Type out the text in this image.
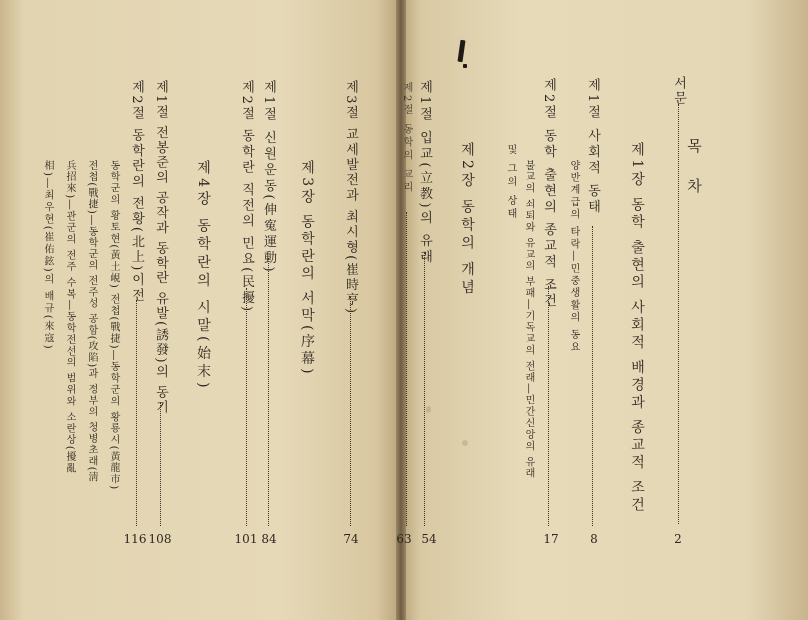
목
차
서문
2
제1장 동학 출현의 사회적 배경과 종교적 조건
제1절 사회적 동태
8
양반계급의 타락―민중생활의 동요
제2절 동학 출현의 종교적 조건
17
불교의 쇠퇴와 유교의 부패―기독교의 전래―민간신앙의 유래
및 그의 상태
제2장 동학의 개념
제1절 입교(立教)의 유래
54
제2절 동학의 교리
63
제3절 교세발전과 최시형(崔時亨)
74
제3장 동학란의 서막(序幕)
제1절 신원운동(伸寃運動)
84
제2절 동학란 직전의 민요(民擾)
101
제4장 동학란의 시말(始末)
제1절 전봉준의 공작과 동학란 유발(誘發)의 동기
108
제2절 동학란의 전황(北上)이전
116
동학군의 황토현(黃土峴) 전첩(戰捷)―동학군의 황룡시(黃龍市)
전첩(戰捷)―동학군의 전주성 공함(攻陷)과 정부의 청병초래(淸
兵招來)―관군의 전주 수복―동학전선의 범위와 소란상(擾亂
相)―최우현(崔佑鉉)의 배규(來寇)
